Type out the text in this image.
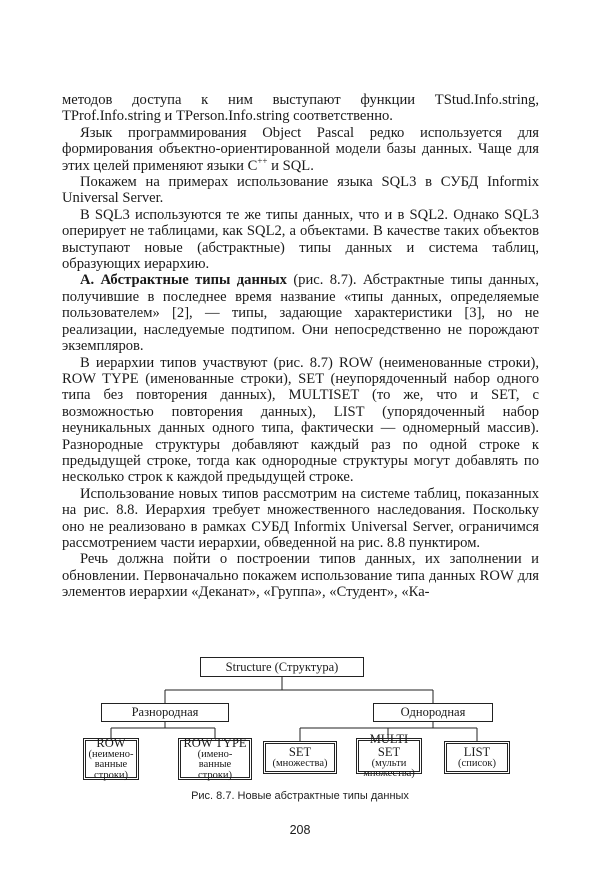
методов доступа к ним выступают функции TStud.Info.string, TProf.Info.string и TPerson.Info.string соответственно.

Язык программирования Object Pascal редко используется для формирования объектно-ориентированной модели базы данных. Чаще для этих целей применяют языки С++ и SQL.

Покажем на примерах использование языка SQL3 в СУБД Informix Universal Server.

В SQL3 используются те же типы данных, что и в SQL2. Однако SQL3 оперирует не таблицами, как SQL2, а объектами. В качестве таких объектов выступают новые (абстрактные) типы данных и система таблиц, образующих иерархию.

А. Абстрактные типы данных (рис. 8.7). Абстрактные типы данных, получившие в последнее время название «типы данных, определяемые пользователем» [2], — типы, задающие характеристики [3], но не реализации, наследуемые подтипом. Они непосредственно не порождают экземпляров.

В иерархии типов участвуют (рис. 8.7) ROW (неименованные строки), ROW TYPE (именованные строки), SET (неупорядоченный набор одного типа без повторения данных), MULTISET (то же, что и SET, с возможностью повторения данных), LIST (упорядоченный набор неуникальных данных одного типа, фактически — одномерный массив). Разнородные структуры добавляют каждый раз по одной строке к предыдущей строке, тогда как однородные структуры могут добавлять по несколько строк к каждой предыдущей строке.

Использование новых типов рассмотрим на системе таблиц, показанных на рис. 8.8. Иерархия требует множественного наследования. Поскольку оно не реализовано в рамках СУБД Informix Universal Server, ограничимся рассмотрением части иерархии, обведенной на рис. 8.8 пунктиром.

Речь должна пойти о построении типов данных, их заполнении и обновлении. Первоначально покажем использование типа данных ROW для элементов иерархии «Деканат», «Группа», «Студент», «Ка-

Structure (Структура)
Разнородная	Однородная
ROW
(неимено-
ванные
строки)
ROW TYPE
(имено-
ванные
строки)
SET
(множества)
MULTI SET
(мульти
множества)
LIST
(список)
Рис. 8.7. Новые абстрактные типы данных
208
